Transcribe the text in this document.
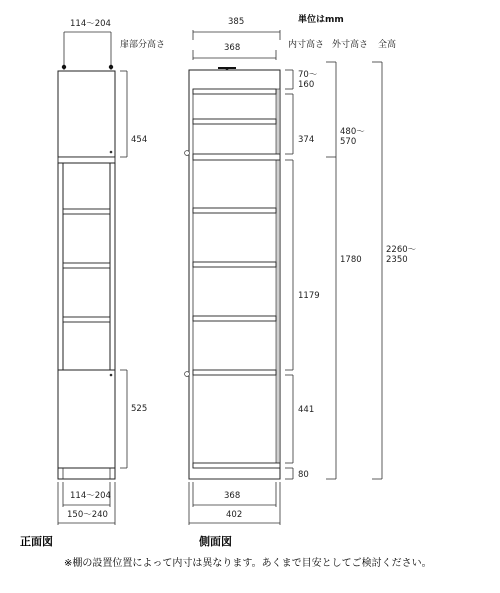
114～204
454
525
114～204
150～240
正面図
385
368
368
402
側面図
単位はmm
扉部分高さ	内寸高さ 外寸高さ 全高
70～ 160
374
1179
441
80
480～ 570
1780
2260～ 2350
※棚の設置位置によって内寸は異なります。あくまで目安としてご検討ください。
